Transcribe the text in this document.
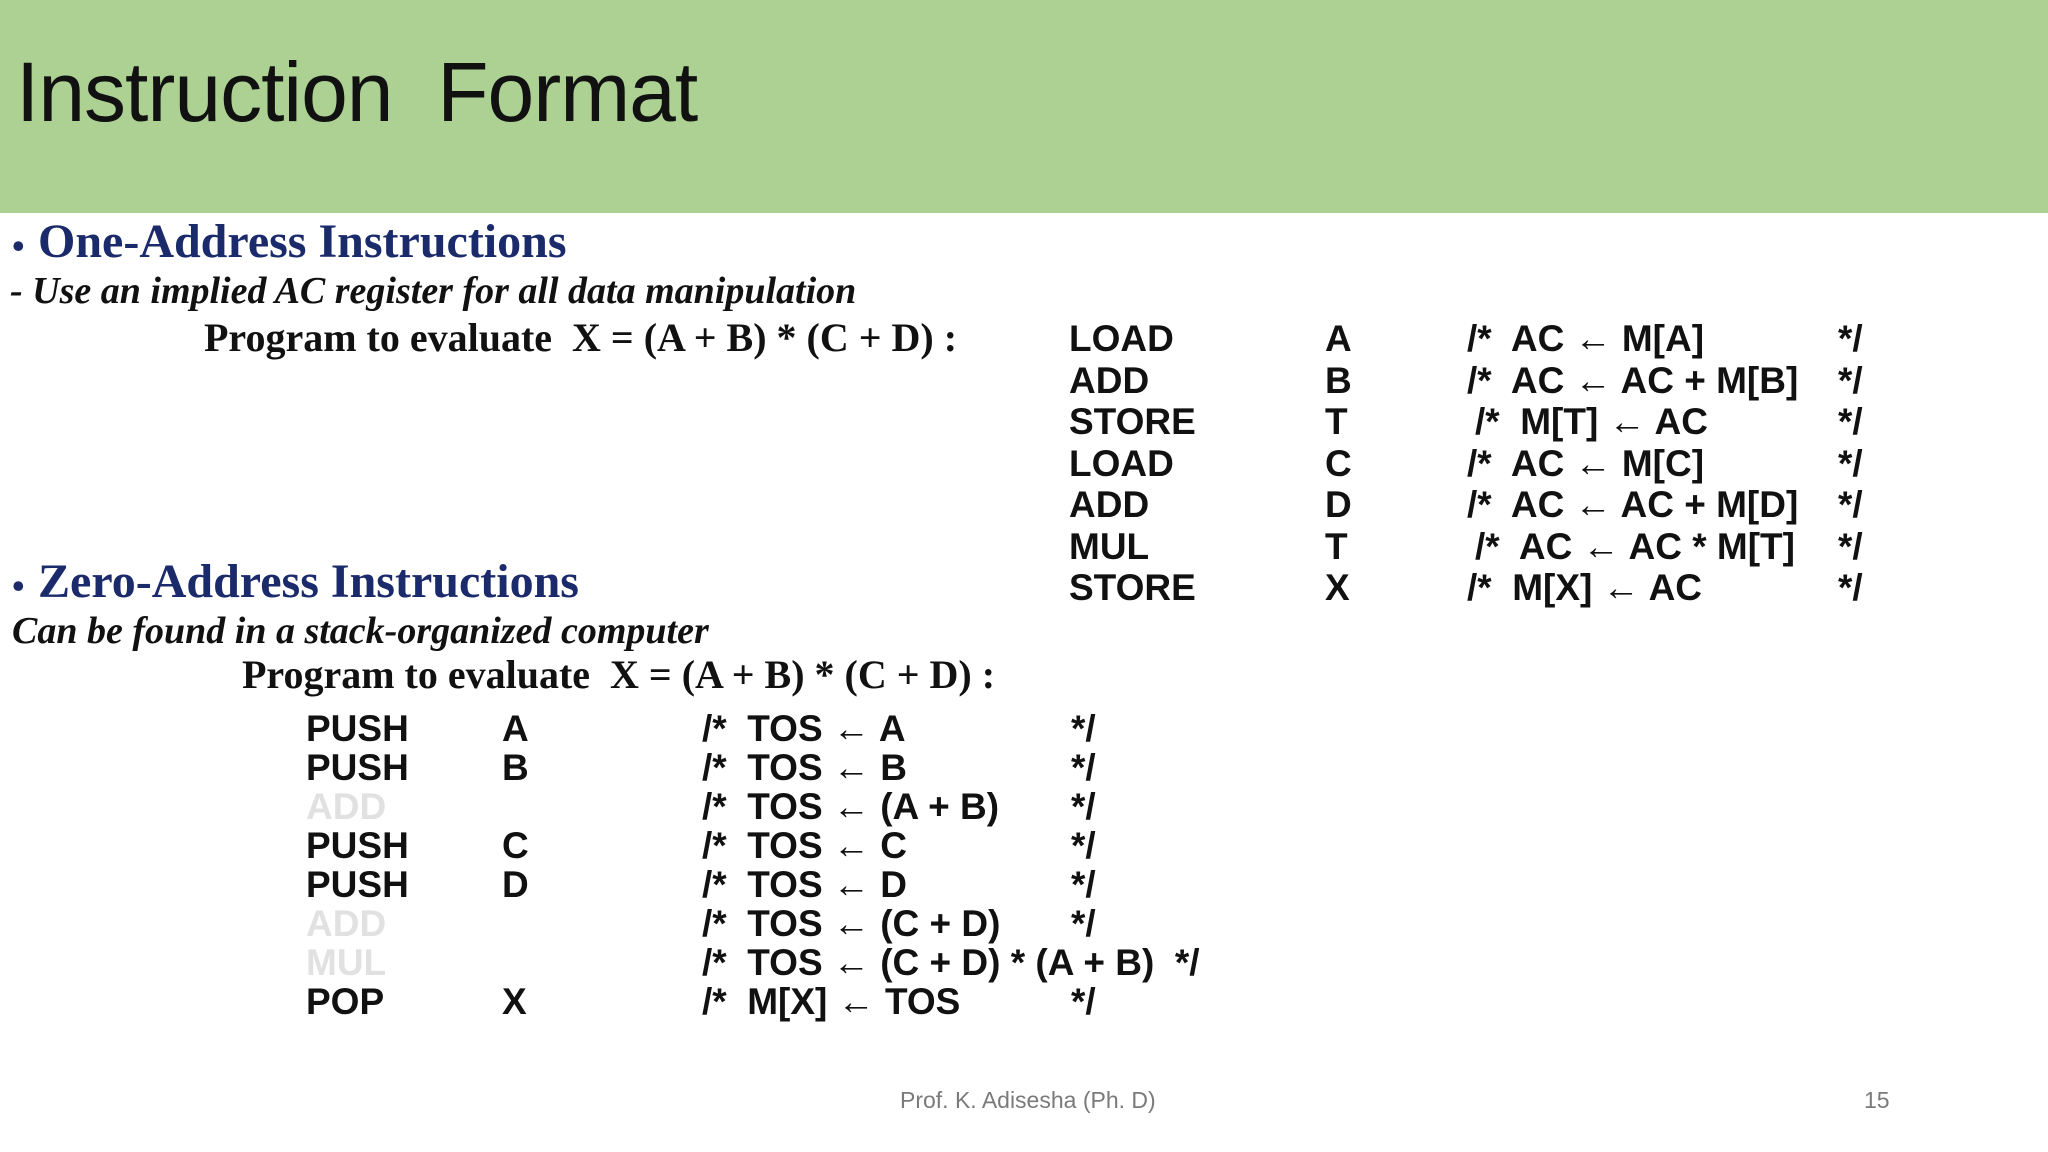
Instruction  Format
• One-Address Instructions
- Use an implied AC register for all data manipulation
Program to evaluate  X = (A + B) * (C + D) :	LOAD	A	/*  AC ← M[A]	*/
ADD	B	/*  AC ← AC + M[B] */
STORE	T	/*  M[T] ← AC	*/
LOAD	C	/*  AC ← M[C]	*/
ADD	D	/*  AC ← AC + M[D] */
MUL	T	/*  AC ← AC * M[T] */
STORE	X	/*  M[X] ← AC	*/
• Zero-Address Instructions
Can be found in a stack-organized computer
Program to evaluate  X = (A + B) * (C + D) :
PUSH	A	/*  TOS ← A	*/
PUSH	B	/*  TOS ← B	*/
ADD	/*  TOS ← (A + B) */
PUSH	C	/*  TOS ← C	*/
PUSH	D	/*  TOS ← D	*/
ADD	/*  TOS ← (C + D) */
MUL	/*  TOS ← (C + D) * (A + B)  */
POP	X	/*  M[X] ← TOS	*/
Prof. K. Adisesha (Ph. D)	15
